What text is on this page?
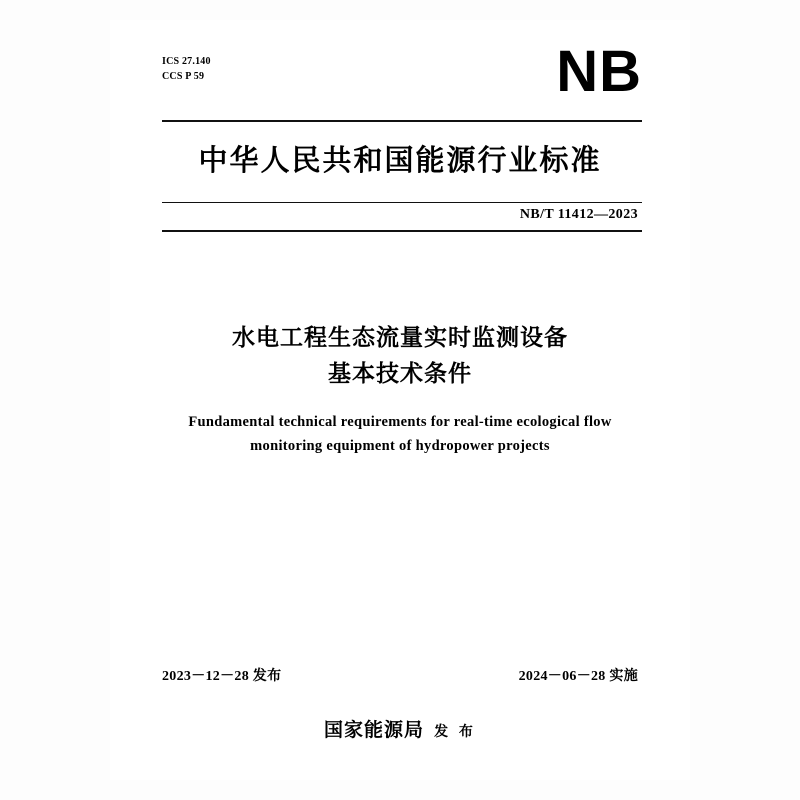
ICS 27.140
CCS P 59	NB
中华人民共和国能源行业标准
NB/T 11412—2023
水电工程生态流量实时监测设备
基本技术条件
Fundamental technical requirements for real-time ecological flow
monitoring equipment of hydropower projects
2023－12－28 发布	2024－06－28 实施
国家能源局 发 布
